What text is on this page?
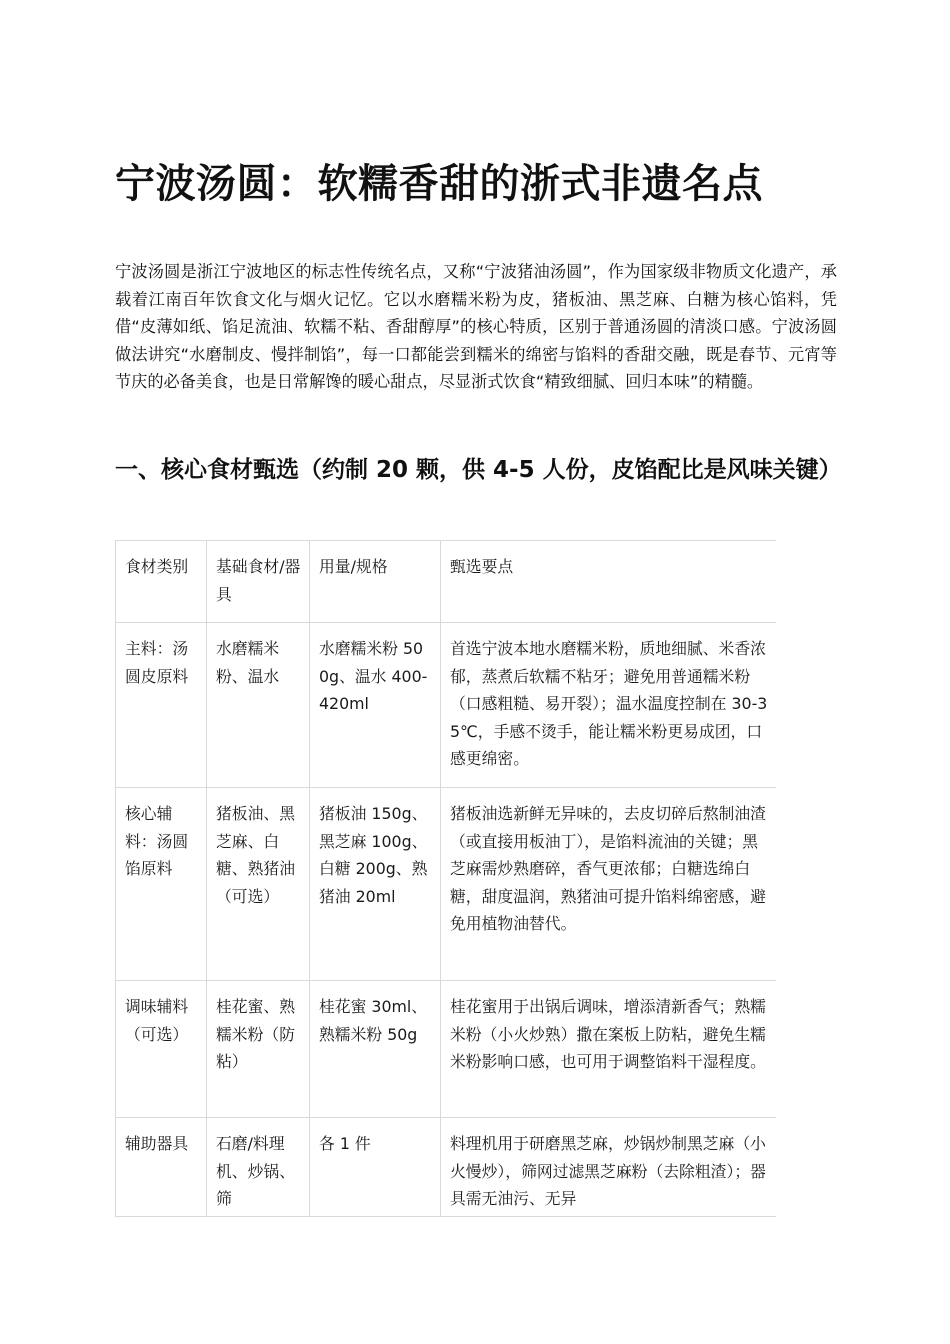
宁波汤圆：软糯香甜的浙式非遗名点

宁波汤圆是浙江宁波地区的标志性传统名点，又称“宁波猪油汤圆”，作为国家级非物质文化遗产，承载着江南百年饮食文化与烟火记忆。它以水磨糯米粉为皮，猪板油、黑芝麻、白糖为核心馅料，凭借“皮薄如纸、馅足流油、软糯不粘、香甜醇厚”的核心特质，区别于普通汤圆的清淡口感。宁波汤圆做法讲究“水磨制皮、慢拌制馅”，每一口都能尝到糯米的绵密与馅料的香甜交融，既是春节、元宵等节庆的必备美食，也是日常解馋的暖心甜点，尽显浙式饮食“精致细腻、回归本味”的精髓。

一、核心食材甄选（约制 20 颗，供 4-5 人份，皮馅配比是风味关键）
食材类别	基础食材/器具	用量/规格	甄选要点
主料：汤圆皮原料	水磨糯米粉、温水	水磨糯米粉 500g、温水 400-420ml	首选宁波本地水磨糯米粉，质地细腻、米香浓郁，蒸煮后软糯不粘牙；避免用普通糯米粉（口感粗糙、易开裂）；温水温度控制在 30-35℃，手感不烫手，能让糯米粉更易成团，口感更绵密。
核心辅料：汤圆馅原料	猪板油、黑芝麻、白糖、熟猪油（可选）	猪板油 150g、黑芝麻 100g、白糖 200g、熟猪油 20ml	猪板油选新鲜无异味的，去皮切碎后熬制油渣（或直接用板油丁），是馅料流油的关键；黑芝麻需炒熟磨碎，香气更浓郁；白糖选绵白糖，甜度温润，熟猪油可提升馅料绵密感，避免用植物油替代。
调味辅料（可选）	桂花蜜、熟糯米粉（防粘）	桂花蜜 30ml、熟糯米粉 50g	桂花蜜用于出锅后调味，增添清新香气；熟糯米粉（小火炒熟）撒在案板上防粘，避免生糯米粉影响口感，也可用于调整馅料干湿程度。
辅助器具	石磨/料理机、炒锅、筛	各 1 件	料理机用于研磨黑芝麻，炒锅炒制黑芝麻（小火慢炒），筛网过滤黑芝麻粉（去除粗渣）；器具需无油污、无异
